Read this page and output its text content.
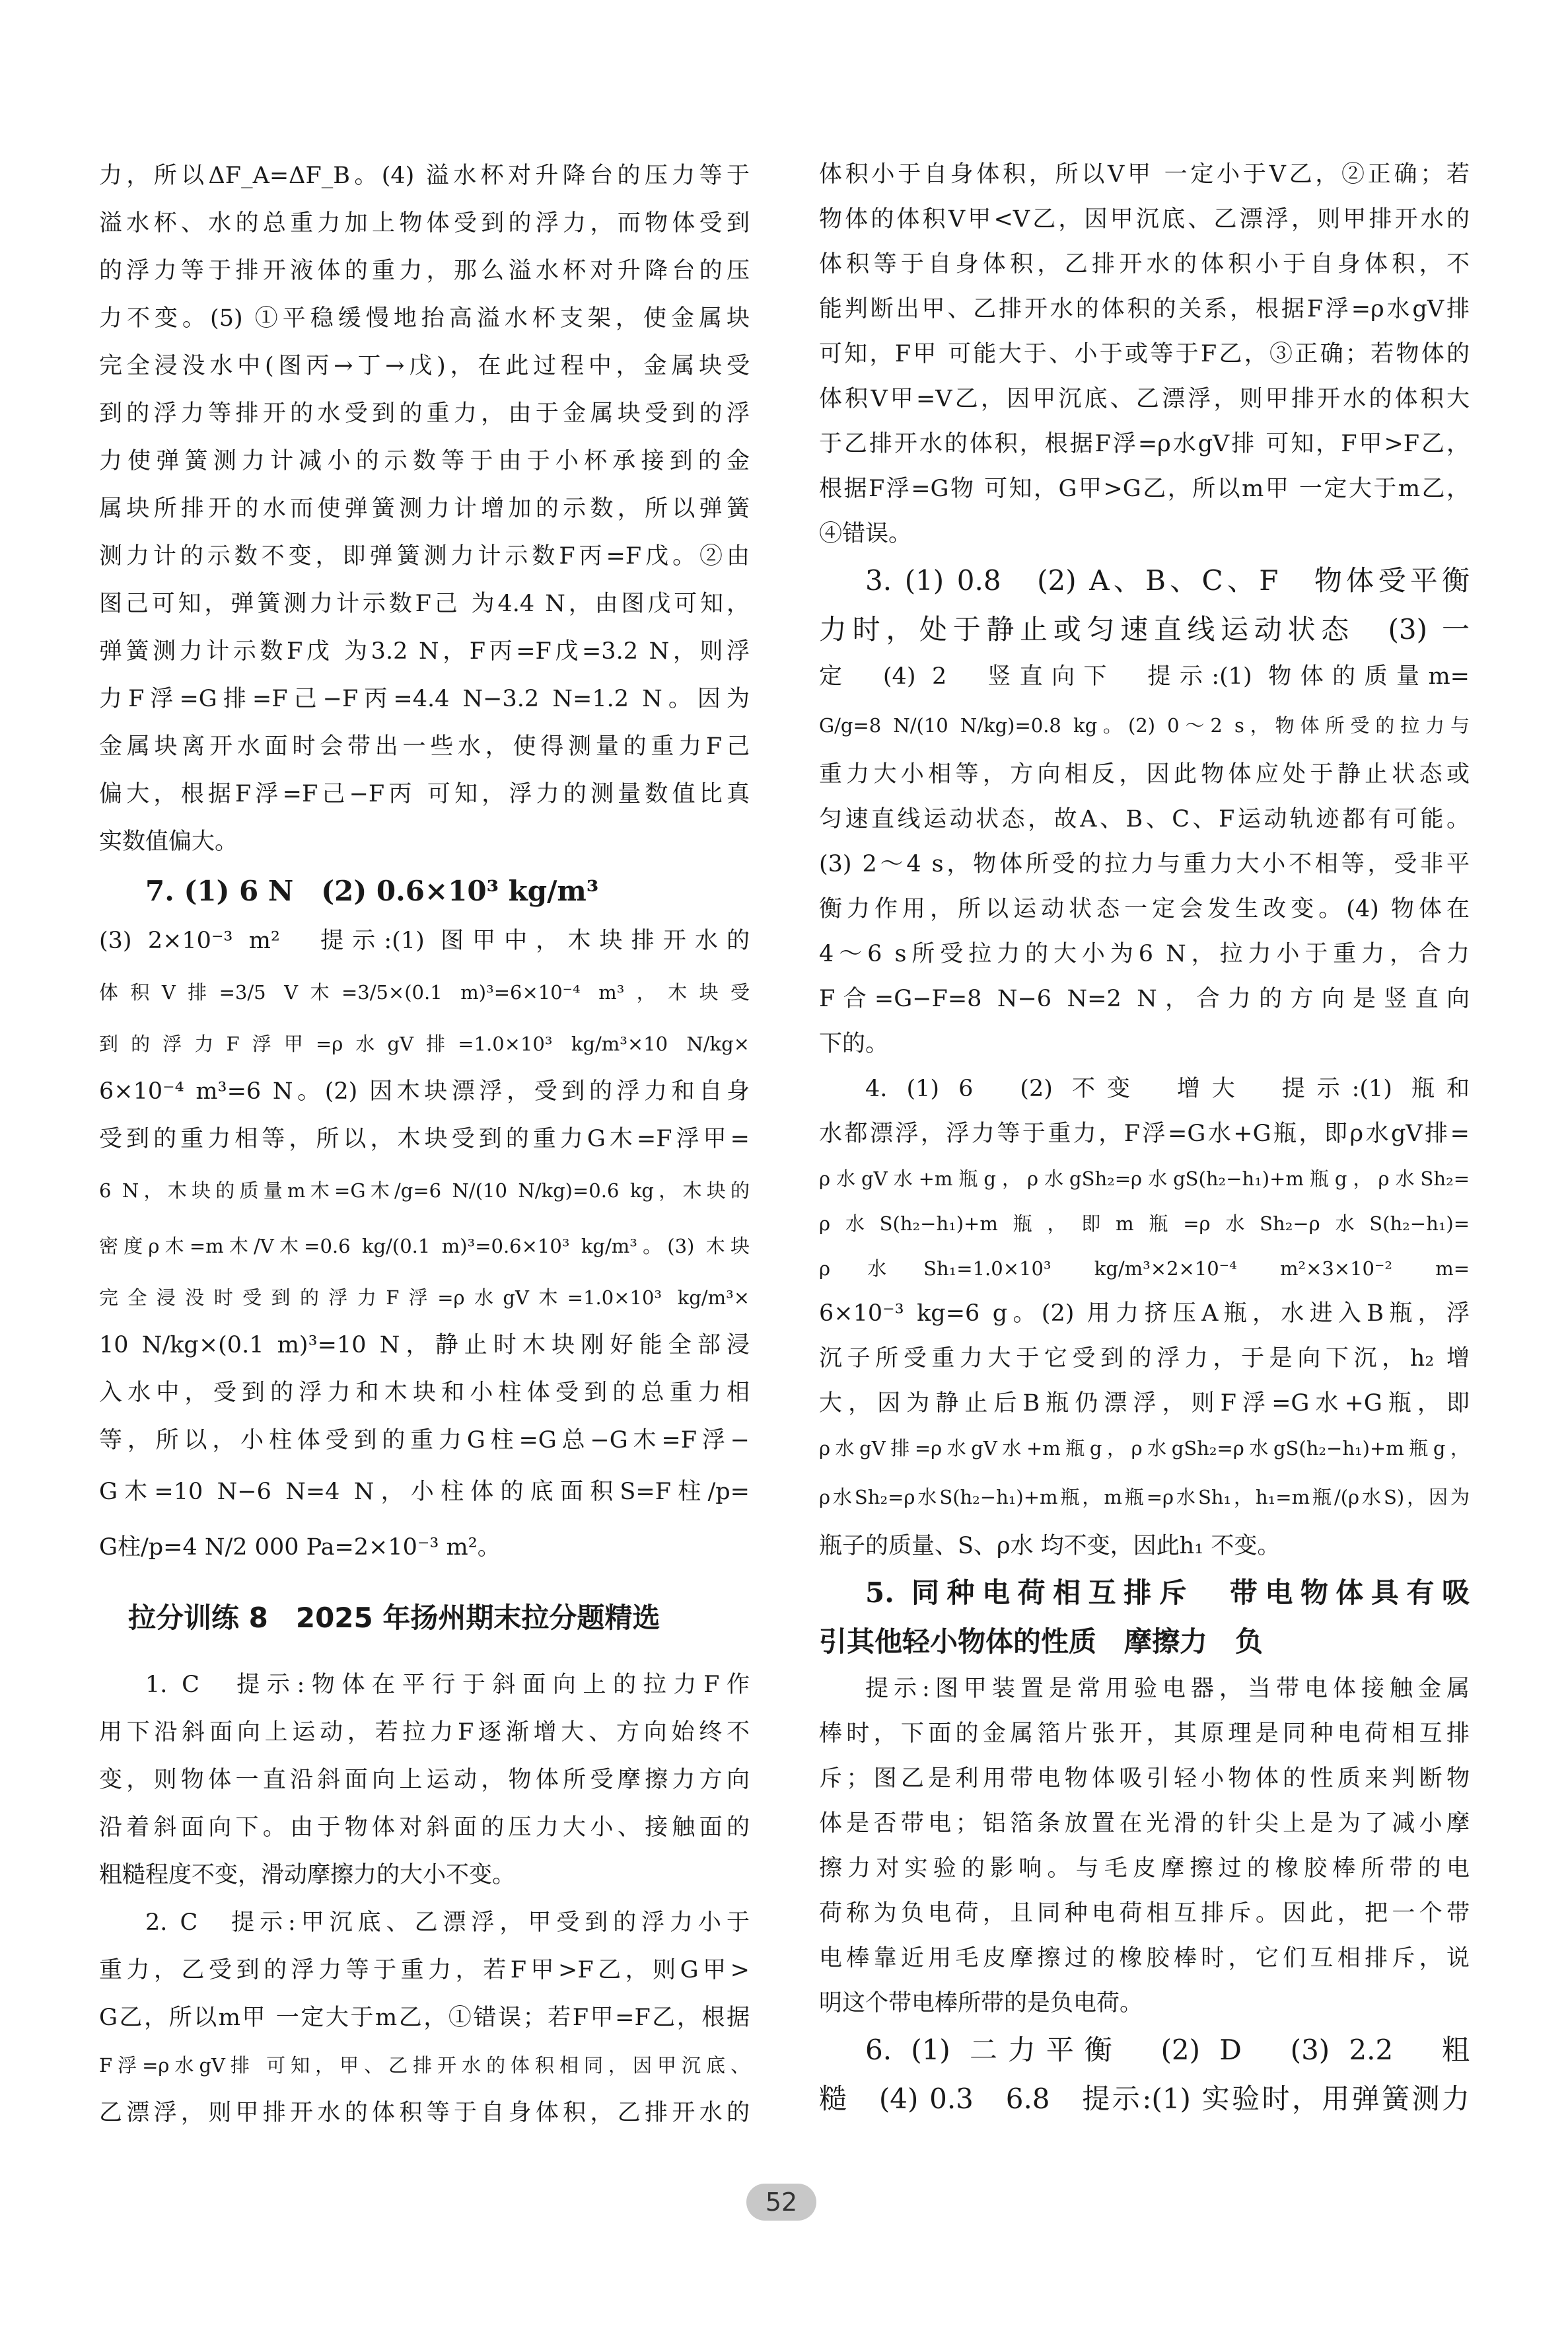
力，所以ΔF_A=ΔF_B。(4) 溢水杯对升降台的压力等于
溢水杯、水的总重力加上物体受到的浮力，而物体受到
的浮力等于排开液体的重力，那么溢水杯对升降台的压
力不变。(5) ①平稳缓慢地抬高溢水杯支架，使金属块
完全浸没水中(图丙→丁→戊)，在此过程中，金属块受
到的浮力等排开的水受到的重力，由于金属块受到的浮
力使弹簧测力计减小的示数等于由于小杯承接到的金
属块所排开的水而使弹簧测力计增加的示数，所以弹簧
测力计的示数不变，即弹簧测力计示数F丙=F戊。②由
图己可知，弹簧测力计示数F己 为4.4 N，由图戊可知，
弹簧测力计示数F戊 为3.2 N，F丙=F戊=3.2 N，则浮
力F浮=G排=F己−F丙=4.4 N−3.2 N=1.2 N。因为
金属块离开水面时会带出一些水，使得测量的重力F己
偏大，根据F浮=F己−F丙 可知，浮力的测量数值比真
实数值偏大。
7. (1) 6 N　(2) 0.6×10³ kg/m³
(3) 2×10⁻³ m²　提示:(1) 图甲中，木块排开水的
体积V排=3/5 V木=3/5×(0.1 m)³=6×10⁻⁴ m³，木块受
到的浮力F浮甲=ρ水gV排=1.0×10³ kg/m³×10 N/kg×
6×10⁻⁴ m³=6 N。(2) 因木块漂浮，受到的浮力和自身
受到的重力相等，所以，木块受到的重力G木=F浮甲=
6 N，木块的质量m木=G木/g=6 N/(10 N/kg)=0.6 kg，木块的
密度ρ木=m木/V木=0.6 kg/(0.1 m)³=0.6×10³ kg/m³。(3) 木块
完全浸没时受到的浮力F浮=ρ水gV木=1.0×10³ kg/m³×
10 N/kg×(0.1 m)³=10 N，静止时木块刚好能全部浸
入水中，受到的浮力和木块和小柱体受到的总重力相
等，所以，小柱体受到的重力G柱=G总−G木=F浮−
G木=10 N−6 N=4 N，小柱体的底面积S=F柱/p=
G柱/p=4 N/2 000 Pa=2×10⁻³ m²。
拉分训练 8　2025 年扬州期末拉分题精选
1. C　提示:物体在平行于斜面向上的拉力F作
用下沿斜面向上运动，若拉力F逐渐增大、方向始终不
变，则物体一直沿斜面向上运动，物体所受摩擦力方向
沿着斜面向下。由于物体对斜面的压力大小、接触面的
粗糙程度不变，滑动摩擦力的大小不变。
2. C　提示:甲沉底、乙漂浮，甲受到的浮力小于
重力，乙受到的浮力等于重力，若F甲>F乙，则G甲>
G乙，所以m甲 一定大于m乙，①错误；若F甲=F乙，根据
F浮=ρ水gV排 可知，甲、乙排开水的体积相同，因甲沉底、
乙漂浮，则甲排开水的体积等于自身体积，乙排开水的
体积小于自身体积，所以V甲 一定小于V乙，②正确；若
物体的体积V甲<V乙，因甲沉底、乙漂浮，则甲排开水的
体积等于自身体积，乙排开水的体积小于自身体积，不
能判断出甲、乙排开水的体积的关系，根据F浮=ρ水gV排
可知，F甲 可能大于、小于或等于F乙，③正确；若物体的
体积V甲=V乙，因甲沉底、乙漂浮，则甲排开水的体积大
于乙排开水的体积，根据F浮=ρ水gV排 可知，F甲>F乙，
根据F浮=G物 可知，G甲>G乙，所以m甲 一定大于m乙，
④错误。
3. (1) 0.8　(2) A、B、C、F　物体受平衡
力时，处于静止或匀速直线运动状态　(3) 一
定　(4) 2　竖直向下　提示:(1) 物体的质量m=
G/g=8 N/(10 N/kg)=0.8 kg。(2) 0～2 s，物体所受的拉力与
重力大小相等，方向相反，因此物体应处于静止状态或
匀速直线运动状态，故A、B、C、F运动轨迹都有可能。
(3) 2～4 s，物体所受的拉力与重力大小不相等，受非平
衡力作用，所以运动状态一定会发生改变。(4) 物体在
4～6 s所受拉力的大小为6 N，拉力小于重力，合力
F合=G−F=8 N−6 N=2 N，合力的方向是竖直向
下的。
4. (1) 6　(2) 不变　增大　提示:(1) 瓶和
水都漂浮，浮力等于重力，F浮=G水+G瓶，即ρ水gV排=
ρ水gV水+m瓶g，ρ水gSh₂=ρ水gS(h₂−h₁)+m瓶g，ρ水Sh₂=
ρ水S(h₂−h₁)+m瓶，即m瓶=ρ水Sh₂−ρ水S(h₂−h₁)=
ρ水Sh₁=1.0×10³ kg/m³×2×10⁻⁴ m²×3×10⁻² m=
6×10⁻³ kg=6 g。(2) 用力挤压A瓶，水进入B瓶，浮
沉子所受重力大于它受到的浮力，于是向下沉，h₂ 增
大，因为静止后B瓶仍漂浮，则F浮=G水+G瓶，即
ρ水gV排=ρ水gV水+m瓶g，ρ水gSh₂=ρ水gS(h₂−h₁)+m瓶g，
ρ水Sh₂=ρ水S(h₂−h₁)+m瓶，m瓶=ρ水Sh₁，h₁=m瓶/(ρ水S)，因为
瓶子的质量、S、ρ水 均不变，因此h₁ 不变。
5. 同种电荷相互排斥　带电物体具有吸
引其他轻小物体的性质　摩擦力　负
提示:图甲装置是常用验电器，当带电体接触金属
棒时，下面的金属箔片张开，其原理是同种电荷相互排
斥；图乙是利用带电物体吸引轻小物体的性质来判断物
体是否带电；铝箔条放置在光滑的针尖上是为了减小摩
擦力对实验的影响。与毛皮摩擦过的橡胶棒所带的电
荷称为负电荷，且同种电荷相互排斥。因此，把一个带
电棒靠近用毛皮摩擦过的橡胶棒时，它们互相排斥，说
明这个带电棒所带的是负电荷。
6. (1) 二力平衡　(2) D　(3) 2.2　粗
糙　(4) 0.3　6.8　提示:(1) 实验时，用弹簧测力
52
